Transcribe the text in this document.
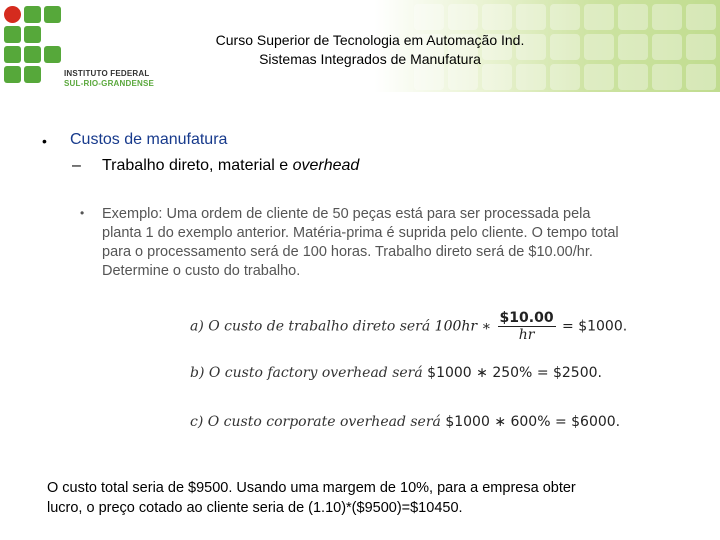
INSTITUTO FEDERAL
SUL-RIO-GRANDENSE
Curso Superior de Tecnologia em Automação Ind.
Sistemas Integrados de Manufatura
• Custos de manufatura
– Trabalho direto, material e overhead
• Exemplo: Uma ordem de cliente de 50 peças está para ser processada pela
planta 1 do exemplo anterior. Matéria-prima é suprida pelo cliente. O tempo total
para o processamento será de 100 horas. Trabalho direto será de $10.00/hr.
Determine o custo do trabalho.
a) O custo de trabalho direto será 100hr ∗ $\frac{\$10.00}{hr}$ = $1000.
b) O custo factory overhead será $1000 ∗ 250% = $2500.
c) O custo corporate overhead será $1000 ∗ 600% = $6000.
O custo total seria de $9500. Usando uma margem de 10%, para a empresa obter
lucro, o preço cotado ao cliente seria de (1.10)*($9500)=$10450.
